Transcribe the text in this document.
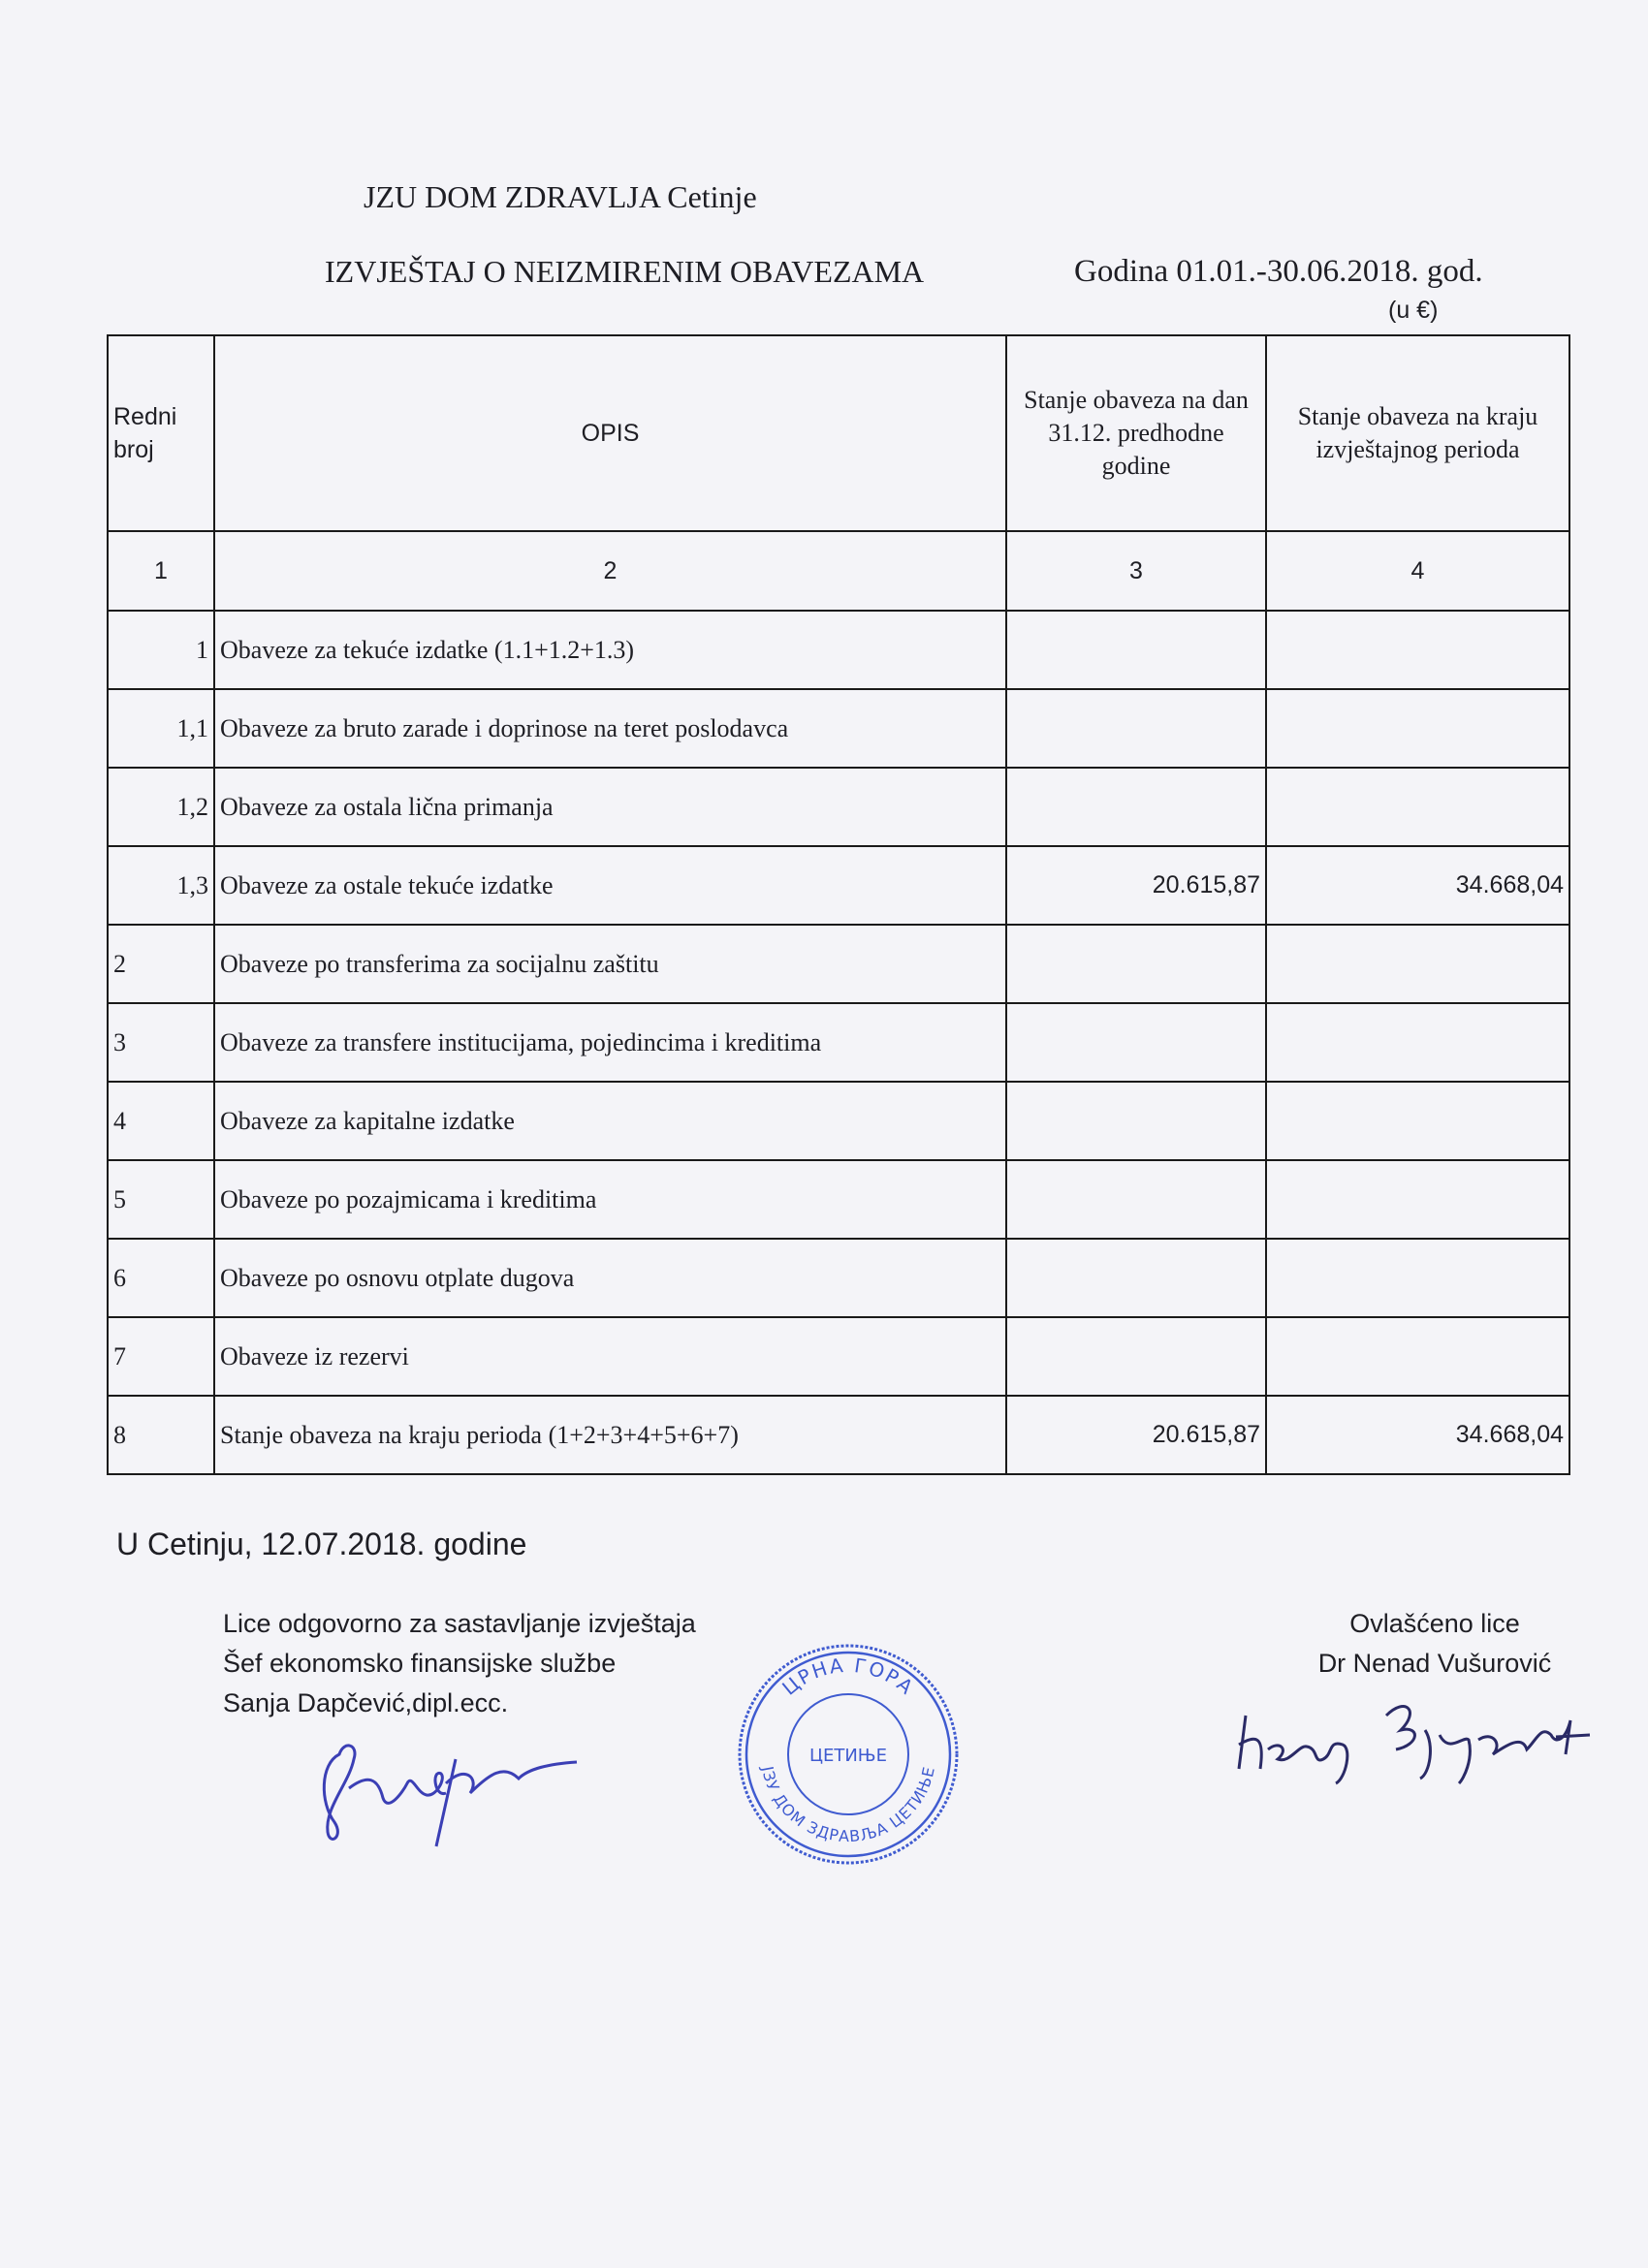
JZU DOM ZDRAVLJA Cetinje
IZVJEŠTAJ O NEIZMIRENIM OBAVEZAMA	Godina 01.01.-30.06.2018. god.
(u €)
Redni broj	OPIS	Stanje obaveza na dan 31.12. predhodne godine	Stanje obaveza na kraju izvještajnog perioda
1	2	3	4
1	Obaveze za tekuće izdatke (1.1+1.2+1.3)		
1,1	Obaveze za bruto zarade i doprinose na teret poslodavca		
1,2	Obaveze za ostala lična primanja		
1,3	Obaveze za ostale tekuće izdatke	20.615,87	34.668,04
2	Obaveze po transferima za socijalnu zaštitu		
3	Obaveze za transfere institucijama, pojedincima i kreditima		
4	Obaveze za kapitalne izdatke		
5	Obaveze po pozajmicama i kreditima		
6	Obaveze po osnovu otplate dugova		
7	Obaveze iz rezervi		
8	Stanje obaveza na kraju perioda (1+2+3+4+5+6+7)	20.615,87	34.668,04
U Cetinju, 12.07.2018. godine
Lice odgovorno za sastavljanje izvještaja
Šef ekonomsko finansijske službe
Sanja Dapčević,dipl.ecc.
Ovlašćeno lice
Dr Nenad Vušurović
ЦРНА ГОРА
ЈЗУ ДОМ ЗДРАВЉА ЦЕТИЊЕ
ЦЕТИЊЕ
